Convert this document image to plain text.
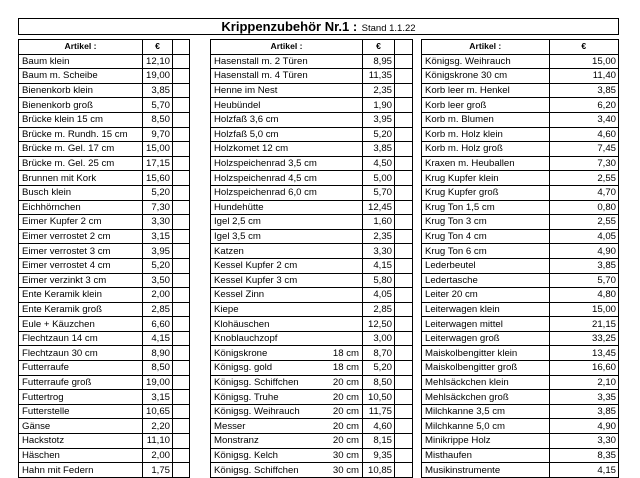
Krippenzubehör Nr.1 : Stand 1.1.22
Artikel :	€	

Baum klein	12,10	

Baum m. Scheibe	19,00	

Bienenkorb klein	3,85	

Bienenkorb groß	5,70	

Brücke klein 15 cm	8,50	

Brücke m. Rundh. 15 cm	9,70	

Brücke m. Gel. 17 cm	15,00	

Brücke m. Gel. 25 cm	17,15	

Brunnen mit Kork	15,60	

Busch klein	5,20	

Eichhörnchen	7,30	

Eimer Kupfer 2 cm	3,30	

Eimer verrostet 2 cm	3,15	

Eimer verrostet 3 cm	3,95	

Eimer verrostet 4 cm	5,20	

Eimer verzinkt 3 cm	3,50	

Ente Keramik klein	2,00	

Ente Keramik groß	2,85	

Eule + Käuzchen	6,60	

Flechtzaun 14 cm	4,15	

Flechtzaun 30 cm	8,90	

Futterraufe	8,50	

Futterraufe groß	19,00	

Futtertrog	3,15	

Futterstelle	10,65	

Gänse	2,20	

Hackstotz	11,10	

Häschen	2,00	

Hahn mit Federn	1,75	
Artikel :	€	

Hasenstall m. 2 Türen	8,95	

Hasenstall m. 4 Türen	11,35	

Henne im Nest	2,35	

Heubündel	1,90	

Holzfaß 3,6 cm	3,95	

Holzfaß 5,0 cm	5,20	

Holzkomet 12 cm	3,85	

Holzspeichenrad 3,5 cm	4,50	

Holzspeichenrad 4,5 cm	5,00	

Holzspeichenrad 6,0 cm	5,70	

Hundehütte	12,45	

Igel 2,5 cm	1,60	

Igel 3,5 cm	2,35	

Katzen	3,30	

Kessel Kupfer 2 cm	4,15	

Kessel Kupfer 3 cm	5,80	

Kessel Zinn	4,05	

Kiepe	2,85	

Klohäuschen	12,50	

Knoblauchzopf	3,00	

Königskrone 18 cm	8,70	

Königsg. gold 18 cm	5,20	

Königsg. Schiffchen 20 cm	8,50	

Königsg. Truhe 20 cm	10,50	

Königsg. Weihrauch 20 cm	11,75	

Messer 20 cm	4,60	

Monstranz 20 cm	8,15	

Königsg. Kelch 30 cm	9,35	

Königsg. Schiffchen 30 cm	10,85	
Artikel :	€

Königsg. Weihrauch	15,00

Königskrone 30 cm	11,40

Korb leer m. Henkel	3,85

Korb leer groß	6,20

Korb m. Blumen	3,40

Korb m. Holz klein	4,60

Korb m. Holz groß	7,45

Kraxen m. Heuballen	7,30

Krug Kupfer klein	2,55

Krug Kupfer groß	4,70

Krug Ton 1,5 cm	0,80

Krug Ton 3 cm	2,55

Krug Ton 4 cm	4,05

Krug Ton 6 cm	4,90

Lederbeutel	3,85

Ledertasche	5,70

Leiter 20 cm	4,80

Leiterwagen klein	15,00

Leiterwagen mittel	21,15

Leiterwagen groß	33,25

Maiskolbengitter klein	13,45

Maiskolbengitter groß	16,60

Mehlsäckchen klein	2,10

Mehlsäckchen groß	3,35

Milchkanne 3,5 cm	3,85

Milchkanne 5,0 cm	4,90

Minikrippe Holz	3,30

Misthaufen	8,35

Musikinstrumente	4,15
